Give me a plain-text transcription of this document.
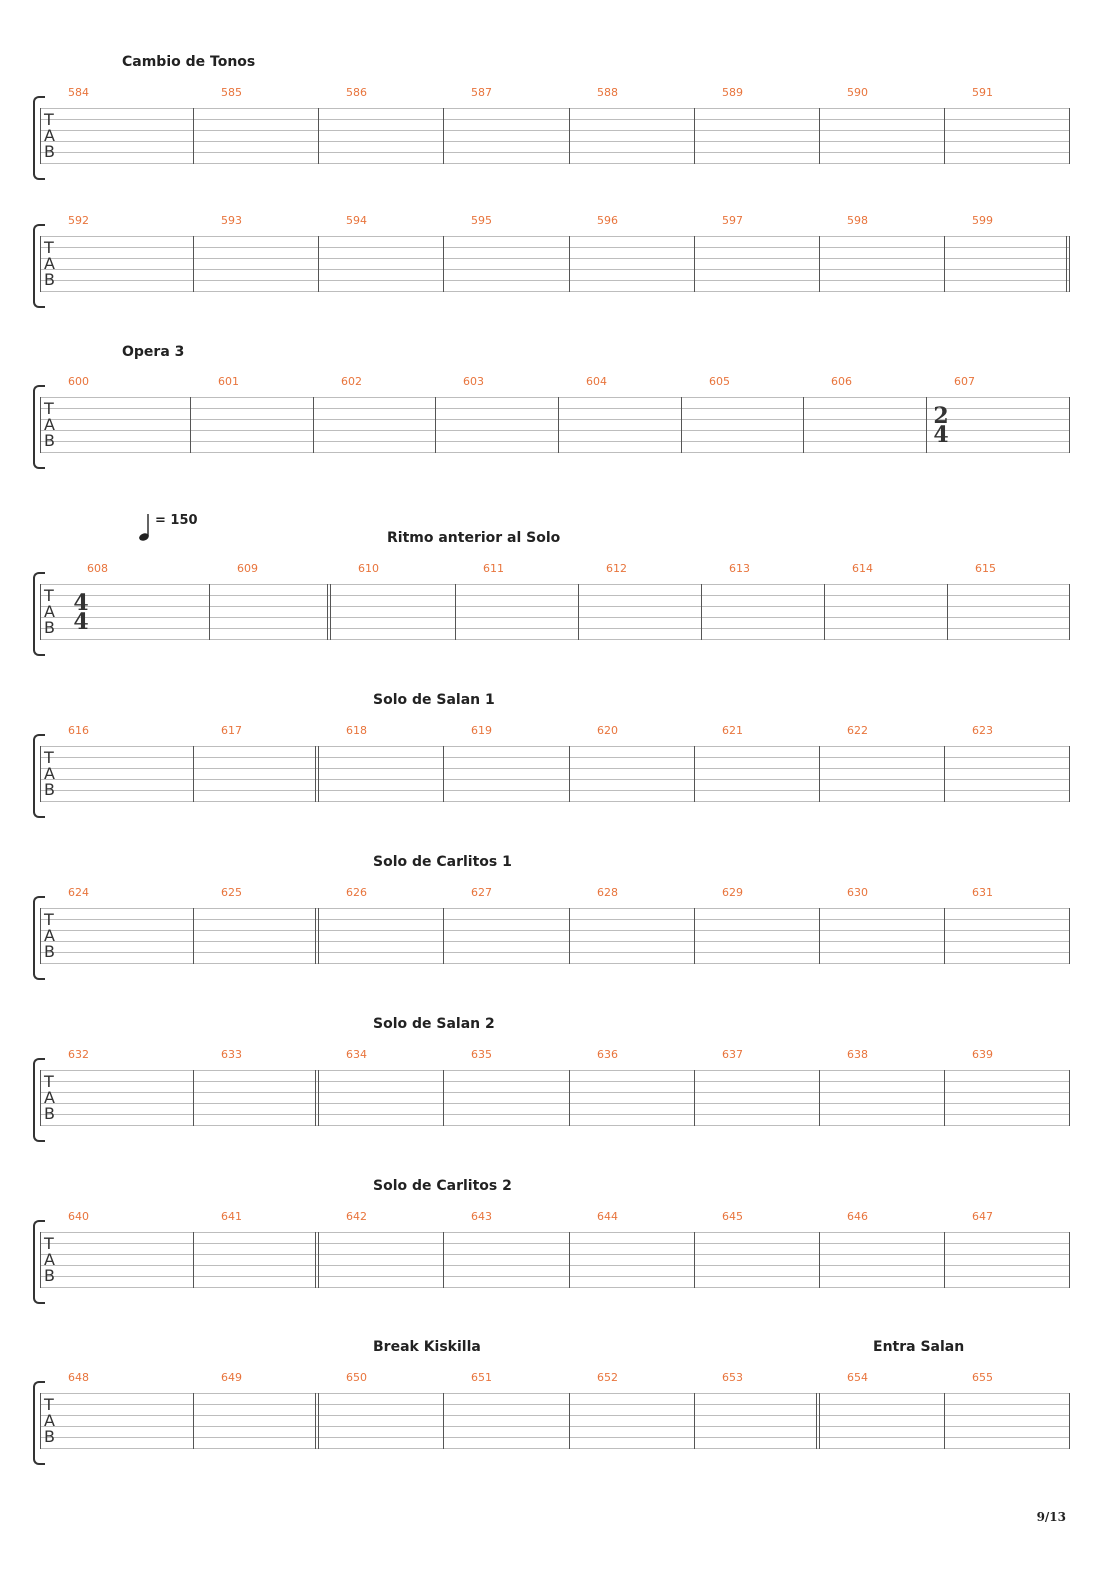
Cambio de Tonos
T
A
B
584	585	586	587	588	589	590	591
T
A
B
592	593	594	595	596	597	598	599
Opera 3
T
A
B
600	601	602	603	604	605	606	607
2
4
Ritmo anterior al Solo
= 150
T
A
B
608	609	610	611	612	613	614	615
4
4
Solo de Salan 1
T
A
B
616	617	618	619	620	621	622	623
Solo de Carlitos 1
T
A
B
624	625	626	627	628	629	630	631
Solo de Salan 2
T
A
B
632	633	634	635	636	637	638	639
Solo de Carlitos 2
T
A
B
640	641	642	643	644	645	646	647
Break Kiskilla	Entra Salan
T
A
B
648	649	650	651	652	653	654	655
9/13
